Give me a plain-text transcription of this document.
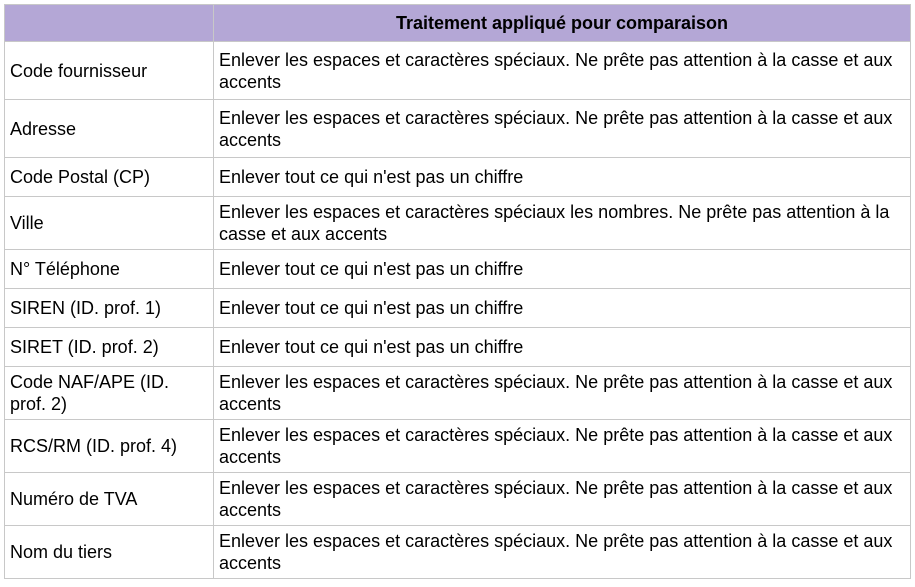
	Traitement appliqué pour comparaison
Code fournisseur	Enlever les espaces et caractères spéciaux. Ne prête pas attention à la casse et aux accents
Adresse	Enlever les espaces et caractères spéciaux. Ne prête pas attention à la casse et aux accents
Code Postal (CP)	Enlever tout ce qui n'est pas un chiffre
Ville	Enlever les espaces et caractères spéciaux les nombres. Ne prête pas attention à la casse et aux accents
N° Téléphone	Enlever tout ce qui n'est pas un chiffre
SIREN (ID. prof. 1)	Enlever tout ce qui n'est pas un chiffre
SIRET (ID. prof. 2)	Enlever tout ce qui n'est pas un chiffre
Code NAF/APE (ID. prof. 2)	Enlever les espaces et caractères spéciaux. Ne prête pas attention à la casse et aux accents
RCS/RM (ID. prof. 4)	Enlever les espaces et caractères spéciaux. Ne prête pas attention à la casse et aux accents
Numéro de TVA	Enlever les espaces et caractères spéciaux. Ne prête pas attention à la casse et aux accents
Nom du tiers	Enlever les espaces et caractères spéciaux. Ne prête pas attention à la casse et aux accents
